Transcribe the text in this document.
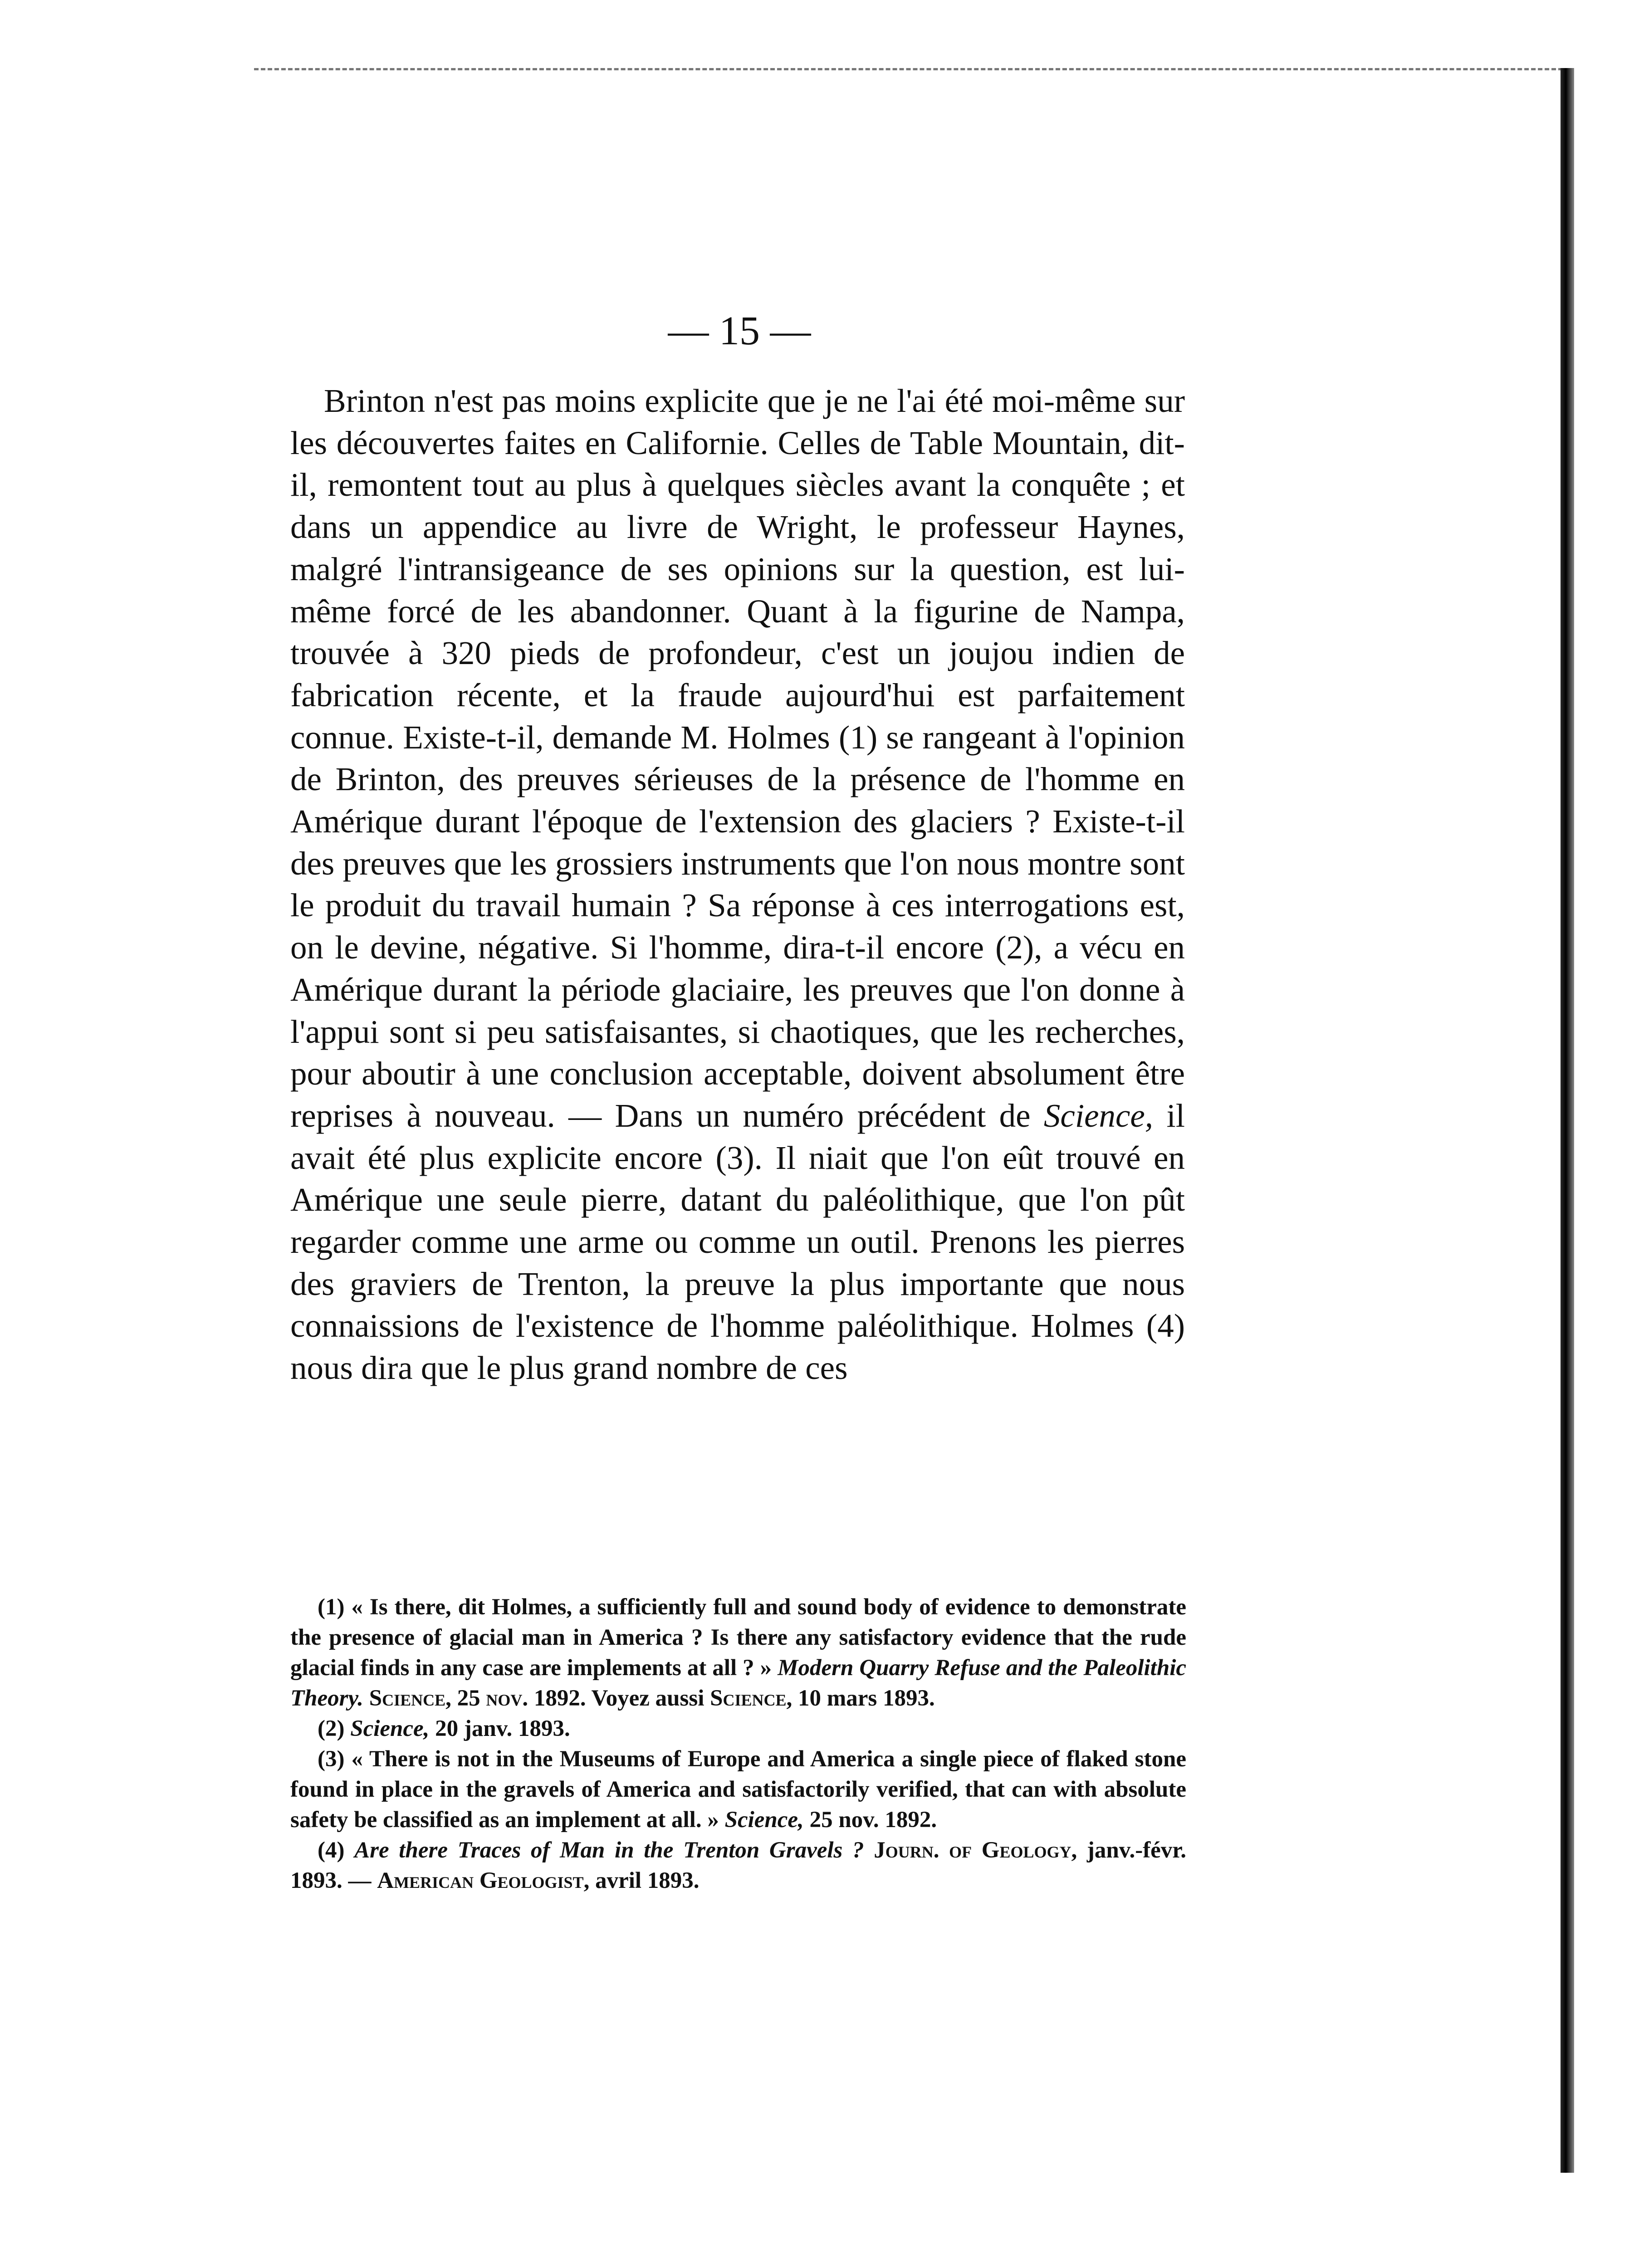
— 15 —

Brinton n'est pas moins explicite que je ne l'ai été moi-même sur les découvertes faites en Californie. Celles de Table Mountain, dit-il, remontent tout au plus à quelques siècles avant la conquête ; et dans un appendice au livre de Wright, le professeur Haynes, malgré l'intransigeance de ses opinions sur la question, est lui-même forcé de les abandonner. Quant à la figurine de Nampa, trouvée à 320 pieds de profondeur, c'est un joujou indien de fabrication récente, et la fraude aujourd'hui est parfaitement connue. Existe-t-il, demande M. Holmes (1) se rangeant à l'opinion de Brinton, des preuves sérieuses de la présence de l'homme en Amérique durant l'époque de l'extension des glaciers ? Existe-t-il des preuves que les grossiers instruments que l'on nous montre sont le produit du travail humain ? Sa réponse à ces interrogations est, on le devine, négative. Si l'homme, dira-t-il encore (2), a vécu en Amérique durant la période glaciaire, les preuves que l'on donne à l'appui sont si peu satisfaisantes, si chaotiques, que les recherches, pour aboutir à une conclusion acceptable, doivent absolument être reprises à nouveau. — Dans un numéro précédent de Science, il avait été plus explicite encore (3). Il niait que l'on eût trouvé en Amérique une seule pierre, datant du paléolithique, que l'on pût regarder comme une arme ou comme un outil. Prenons les pierres des graviers de Trenton, la preuve la plus importante que nous connaissions de l'existence de l'homme paléolithique. Holmes (4) nous dira que le plus grand nombre de ces

(1) « Is there, dit Holmes, a sufficiently full and sound body of evidence to demonstrate the presence of glacial man in America ? Is there any satisfactory evidence that the rude glacial finds in any case are implements at all ? » Modern Quarry Refuse and the Paleolithic Theory. Science, 25 nov. 1892. Voyez aussi Science, 10 mars 1893.

(2) Science, 20 janv. 1893.

(3) « There is not in the Museums of Europe and America a single piece of flaked stone found in place in the gravels of America and satisfactorily verified, that can with absolute safety be classified as an implement at all. » Science, 25 nov. 1892.

(4) Are there Traces of Man in the Trenton Gravels ? Journ. of Geology, janv.-févr. 1893. — American Geologist, avril 1893.
